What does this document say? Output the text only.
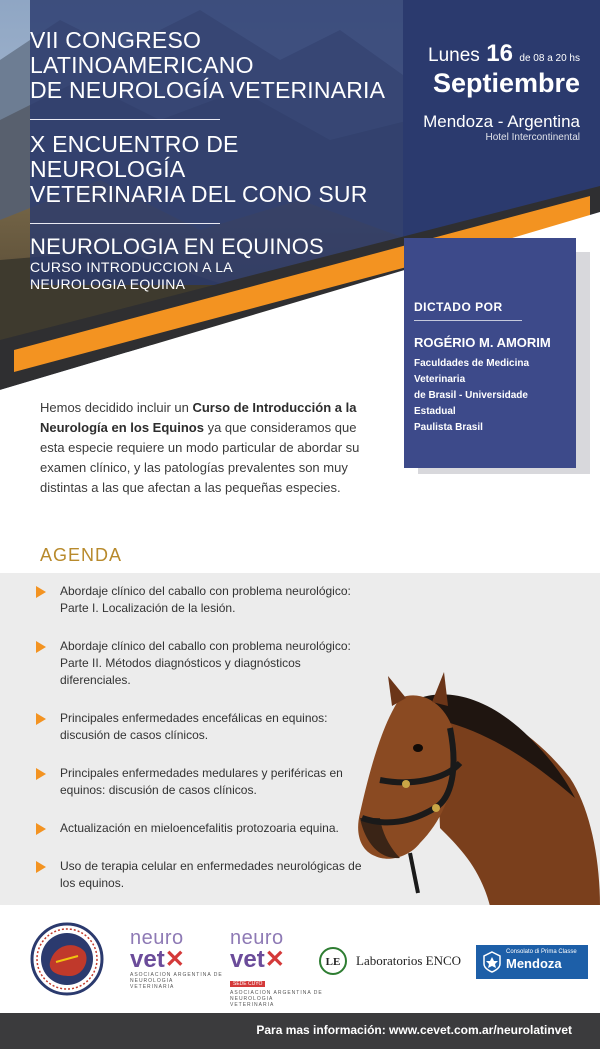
VII CONGRESO LATINOAMERICANO
DE NEUROLOGÍA VETERINARIA
X ENCUENTRO DE NEUROLOGÍA
VETERINARIA DEL CONO SUR
NEUROLOGIA EN EQUINOS
CURSO INTRODUCCION A LA
NEUROLOGIA EQUINA
Lunes 16 de 08 a 20 hs
Septiembre
Mendoza - Argentina
Hotel Intercontinental
DICTADO POR
ROGÉRIO M. AMORIM
Faculdades de Medicina Veterinaria
de Brasil - Universidade Estadual
Paulista Brasil

Hemos decidido incluir un Curso de Introducción a la Neurología en los Equinos ya que consideramos que esta especie requiere un modo particular de abordar su examen clínico, y las patologías prevalentes son muy distintas a las que afectan a las pequeñas especies.

AGENDA
Abordaje clínico del caballo con problema neurológico: Parte I. Localización de la lesión.
Abordaje clínico del caballo con problema neurológico: Parte II. Métodos diagnósticos y diagnósticos diferenciales.
Principales enfermedades encefálicas en equinos: discusión de casos clínicos.
Principales enfermedades medulares y periféricas en equinos: discusión de casos clínicos.
Actualización en mieloencefalitis protozoaria equina.
Uso de terapia celular en enfermedades neurológicas de los equinos.
neuro
vet✕
ASOCIACION ARGENTINA DE
NEUROLOGIA
VETERINARIA
neuro
vet✕
SEDE CUYO
ASOCIACION ARGENTINA DE
NEUROLOGIA
VETERINARIA
LE Laboratorios ENCO
Consolato di Prima Classe
Mendoza
Para mas información: www.cevet.com.ar/neurolatinvet
